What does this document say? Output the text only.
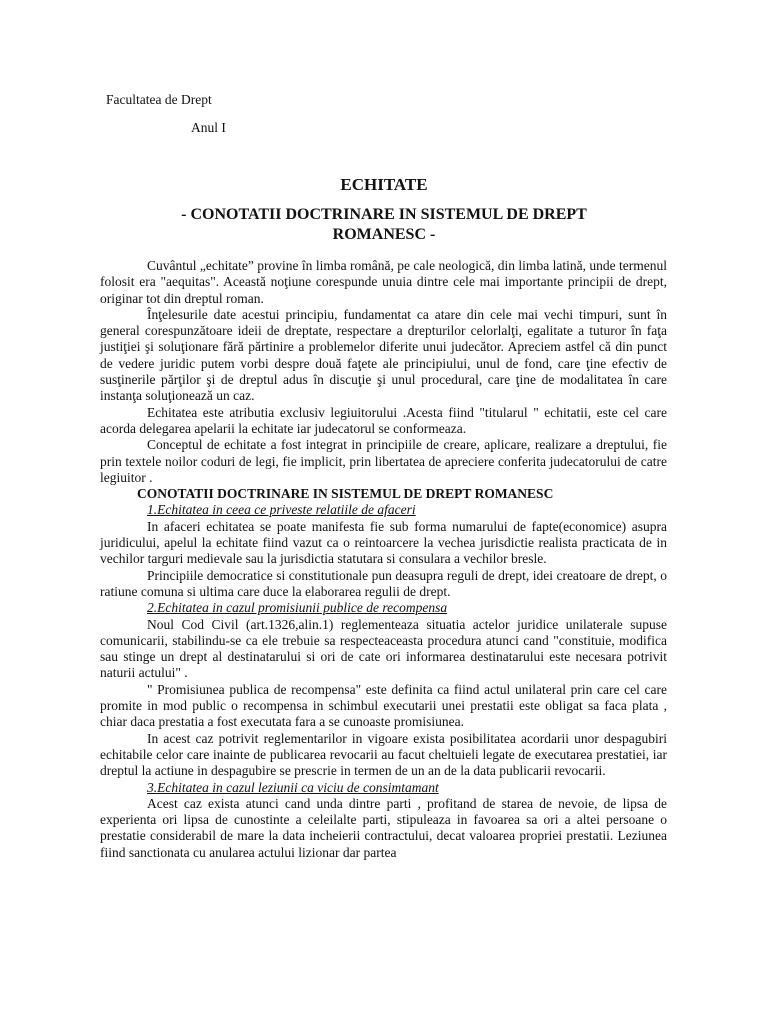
Facultatea de Drept
Anul I
ECHITATE
- CONOTATII DOCTRINARE IN SISTEMUL DE DREPT
ROMANESC -

Cuvântul „echitate” provine în limba română, pe cale neologică, din limba latină, unde termenul folosit era "aequitas". Această noţiune corespunde unuia dintre cele mai importante principii de drept, originar tot din dreptul roman.

Înţelesurile date acestui principiu, fundamentat ca atare din cele mai vechi timpuri, sunt în general corespunzătoare ideii de dreptate, respectare a drepturilor celorlalţi, egalitate a tuturor în faţa justiţiei şi soluţionare fără părtinire a problemelor diferite unui judecător. Apreciem astfel că din punct de vedere juridic putem vorbi despre două faţete ale principiului, unul de fond, care ţine efectiv de susţinerile părţilor şi de dreptul adus în discuţie şi unul procedural, care ţine de modalitatea în care instanţa soluţionează un caz.

Echitatea este atributia exclusiv legiuitorului .Acesta fiind "titularul " echitatii, este cel care acorda delegarea apelarii la echitate iar judecatorul se conformeaza.

Conceptul de echitate a fost integrat in principiile de creare, aplicare, realizare a dreptului, fie prin textele noilor coduri de legi, fie implicit, prin libertatea de apreciere conferita judecatorului de catre legiuitor .

CONOTATII DOCTRINARE IN SISTEMUL DE DREPT ROMANESC

1.Echitatea in ceea ce priveste relatiile de afaceri

In afaceri echitatea se poate manifesta fie sub forma numarului de fapte(economice) asupra juridicului, apelul la echitate fiind vazut ca o reintoarcere la vechea jurisdictie realista practicata de in vechilor targuri medievale sau la jurisdictia statutara si consulara a vechilor bresle.

Principiile democratice si constitutionale pun deasupra reguli de drept, idei creatoare de drept, o ratiune comuna si ultima care duce la elaborarea regulii de drept.

2.Echitatea in cazul promisiunii publice de recompensa

Noul Cod Civil (art.1326,alin.1) reglementeaza situatia actelor juridice unilaterale supuse comunicarii, stabilindu-se ca ele trebuie sa respecteaceasta procedura atunci cand "constituie, modifica sau stinge un drept al destinatarului si ori de cate ori informarea destinatarului este necesara potrivit naturii actului" .

" Promisiunea publica de recompensa" este definita ca fiind actul unilateral prin care cel care promite in mod public o recompensa in schimbul executarii unei prestatii este obligat sa faca plata , chiar daca prestatia a fost executata fara a se cunoaste promisiunea.

In acest caz potrivit reglementarilor in vigoare exista posibilitatea acordarii unor despagubiri echitabile celor care inainte de publicarea revocarii au facut cheltuieli legate de executarea prestatiei, iar dreptul la actiune in despagubire se prescrie in termen de un an de la data publicarii revocarii.

3.Echitatea in cazul leziunii ca viciu de consimtamant

Acest caz exista atunci cand unda dintre parti , profitand de starea de nevoie, de lipsa de experienta ori lipsa de cunostinte a celeilalte parti, stipuleaza in favoarea sa ori a altei persoane o prestatie considerabil de mare la data incheierii contractului, decat valoarea propriei prestatii. Leziunea fiind sanctionata cu anularea actului lizionar dar partea
